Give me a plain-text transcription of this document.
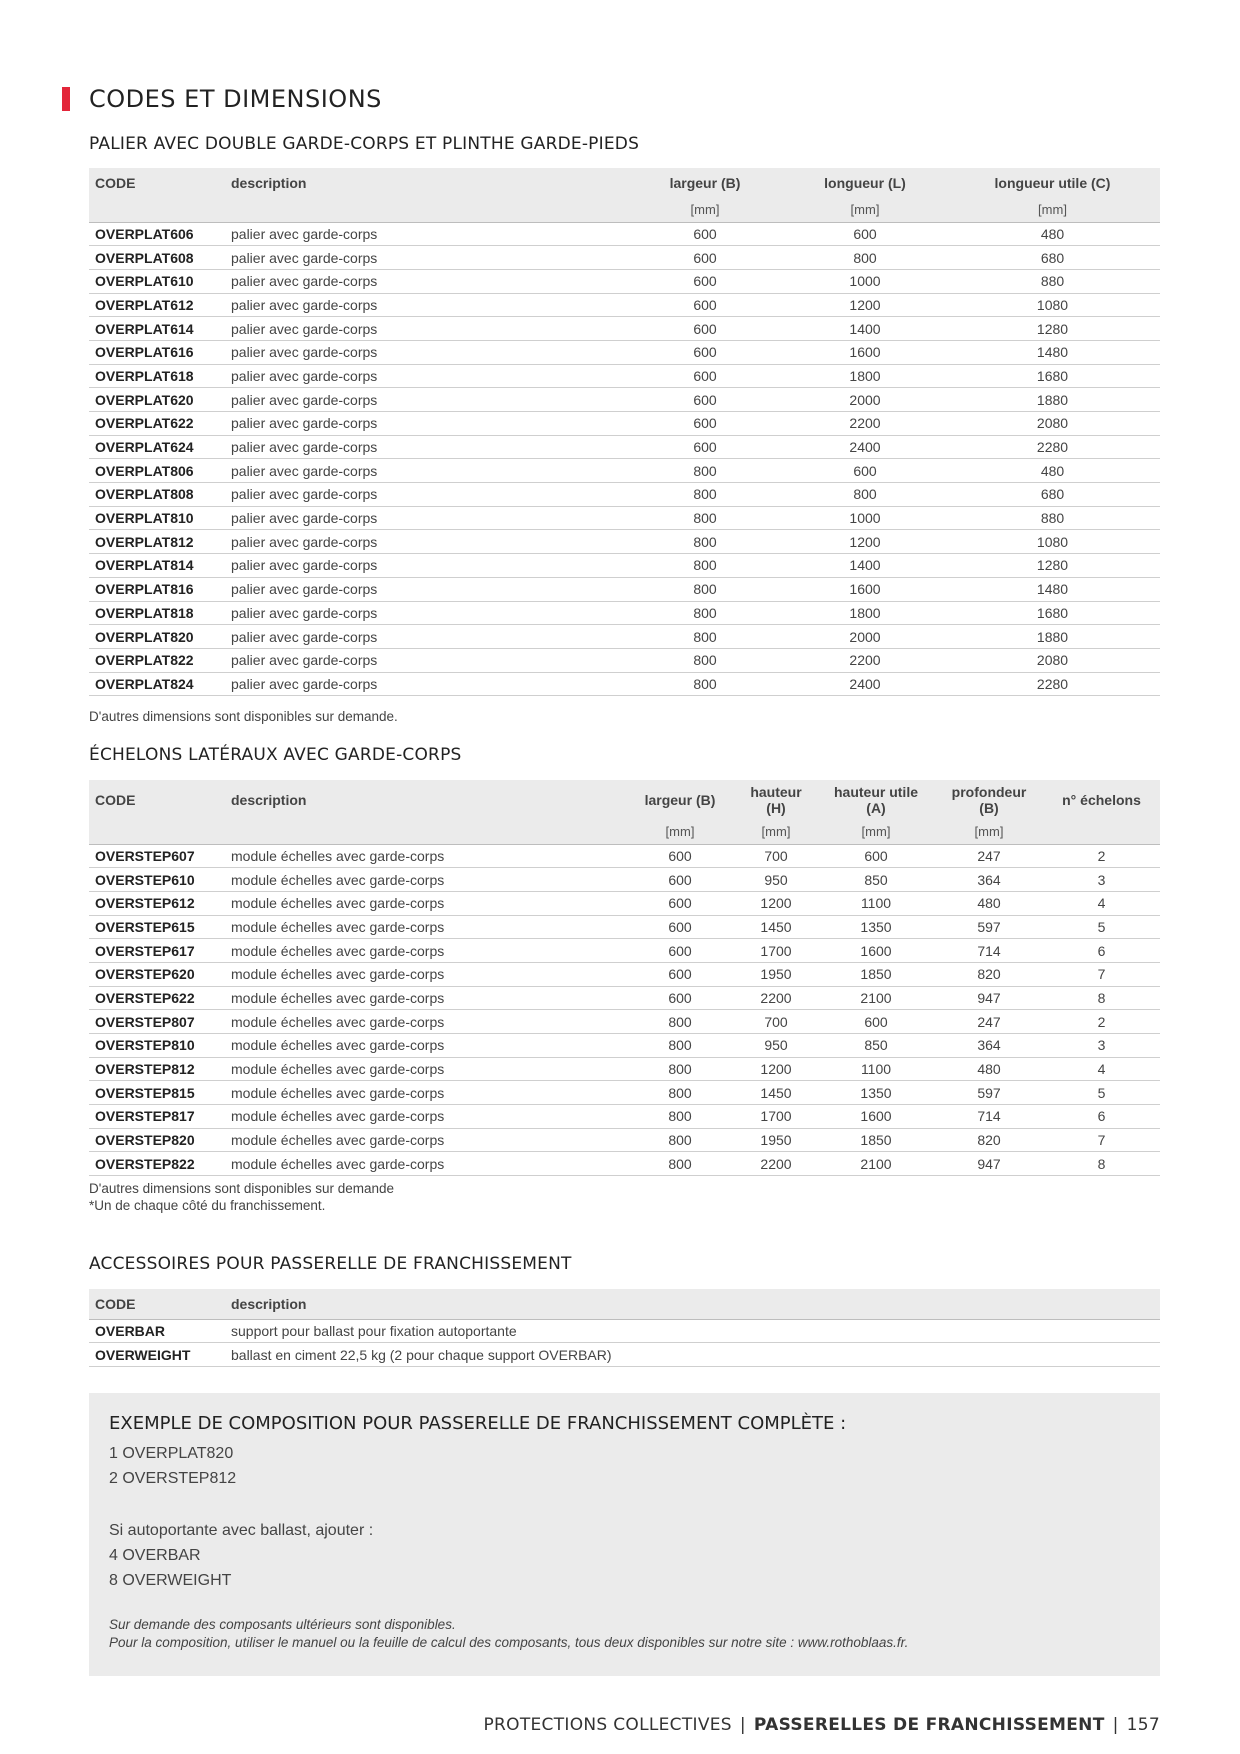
CODES ET DIMENSIONS
PALIER AVEC DOUBLE GARDE-CORPS ET PLINTHE GARDE-PIEDS
CODE	description	largeur (B)	longueur (L)	longueur utile (C)
		[mm]	[mm]	[mm]
OVERPLAT606	palier avec garde-corps	600	600	480
OVERPLAT608	palier avec garde-corps	600	800	680
OVERPLAT610	palier avec garde-corps	600	1000	880
OVERPLAT612	palier avec garde-corps	600	1200	1080
OVERPLAT614	palier avec garde-corps	600	1400	1280
OVERPLAT616	palier avec garde-corps	600	1600	1480
OVERPLAT618	palier avec garde-corps	600	1800	1680
OVERPLAT620	palier avec garde-corps	600	2000	1880
OVERPLAT622	palier avec garde-corps	600	2200	2080
OVERPLAT624	palier avec garde-corps	600	2400	2280
OVERPLAT806	palier avec garde-corps	800	600	480
OVERPLAT808	palier avec garde-corps	800	800	680
OVERPLAT810	palier avec garde-corps	800	1000	880
OVERPLAT812	palier avec garde-corps	800	1200	1080
OVERPLAT814	palier avec garde-corps	800	1400	1280
OVERPLAT816	palier avec garde-corps	800	1600	1480
OVERPLAT818	palier avec garde-corps	800	1800	1680
OVERPLAT820	palier avec garde-corps	800	2000	1880
OVERPLAT822	palier avec garde-corps	800	2200	2080
OVERPLAT824	palier avec garde-corps	800	2400	2280
D'autres dimensions sont disponibles sur demande.
ÉCHELONS LATÉRAUX AVEC GARDE-CORPS
CODE	description	largeur (B)	hauteur (H)	hauteur utile (A)	profondeur (B)	n° échelons
		[mm]	[mm]	[mm]	[mm]	
OVERSTEP607	module échelles avec garde-corps	600	700	600	247	2
OVERSTEP610	module échelles avec garde-corps	600	950	850	364	3
OVERSTEP612	module échelles avec garde-corps	600	1200	1100	480	4
OVERSTEP615	module échelles avec garde-corps	600	1450	1350	597	5
OVERSTEP617	module échelles avec garde-corps	600	1700	1600	714	6
OVERSTEP620	module échelles avec garde-corps	600	1950	1850	820	7
OVERSTEP622	module échelles avec garde-corps	600	2200	2100	947	8
OVERSTEP807	module échelles avec garde-corps	800	700	600	247	2
OVERSTEP810	module échelles avec garde-corps	800	950	850	364	3
OVERSTEP812	module échelles avec garde-corps	800	1200	1100	480	4
OVERSTEP815	module échelles avec garde-corps	800	1450	1350	597	5
OVERSTEP817	module échelles avec garde-corps	800	1700	1600	714	6
OVERSTEP820	module échelles avec garde-corps	800	1950	1850	820	7
OVERSTEP822	module échelles avec garde-corps	800	2200	2100	947	8
D'autres dimensions sont disponibles sur demande
*Un de chaque côté du franchissement.
ACCESSOIRES POUR PASSERELLE DE FRANCHISSEMENT
CODE	description
OVERBAR	support pour ballast pour fixation autoportante
OVERWEIGHT	ballast en ciment 22,5 kg (2 pour chaque support OVERBAR)
EXEMPLE DE COMPOSITION POUR PASSERELLE DE FRANCHISSEMENT COMPLÈTE :
1 OVERPLAT820
2 OVERSTEP812
Si autoportante avec ballast, ajouter :
4 OVERBAR
8 OVERWEIGHT
Sur demande des composants ultérieurs sont disponibles.
Pour la composition, utiliser le manuel ou la feuille de calcul des composants, tous deux disponibles sur notre site : www.rothoblaas.fr.
PROTECTIONS COLLECTIVES | PASSERELLES DE FRANCHISSEMENT | 157
